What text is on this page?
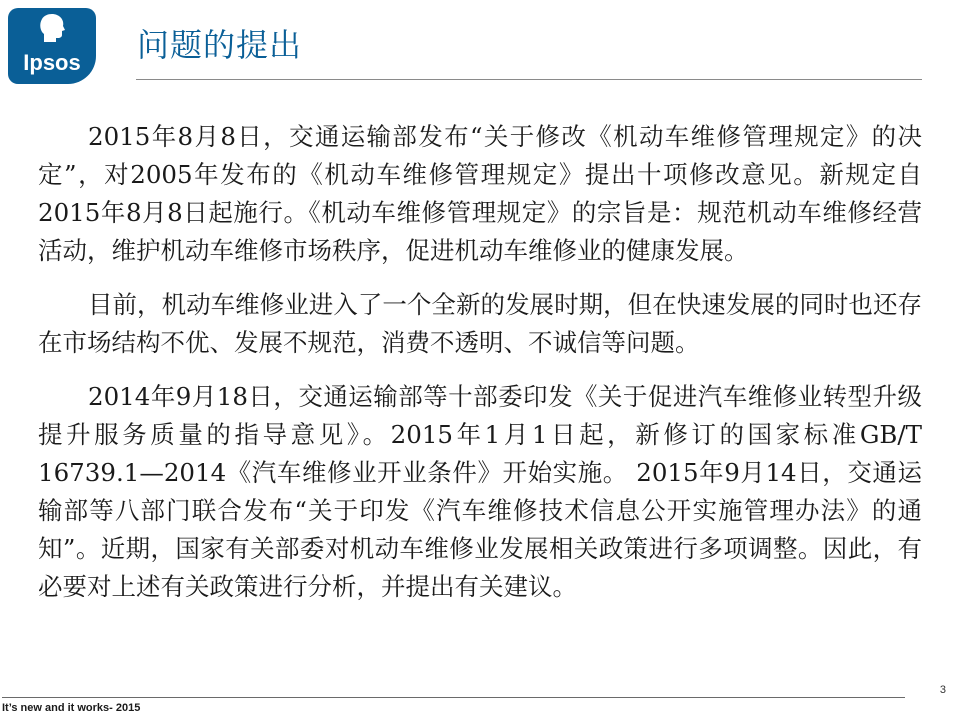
Ipsos	问题的提出

2015年8月8日，交通运输部发布“关于修改《机动车维修管理规定》的决定”，对2005年发布的《机动车维修管理规定》提出十项修改意见。新规定自2015年8月8日起施行。《机动车维修管理规定》的宗旨是：规范机动车维修经营活动，维护机动车维修市场秩序，促进机动车维修业的健康发展。

目前，机动车维修业进入了一个全新的发展时期，但在快速发展的同时也还存在市场结构不优、发展不规范，消费不透明、不诚信等问题。

2014年9月18日，交通运输部等十部委印发《关于促进汽车维修业转型升级 提升服务质量的指导意见》。2015年1月1日起，新修订的国家标准GB/T 16739.1—2014《汽车维修业开业条件》开始实施。 2015年9月14日，交通运输部等八部门联合发布“关于印发《汽车维修技术信息公开实施管理办法》的通知”。近期，国家有关部委对机动车维修业发展相关政策进行多项调整。因此，有必要对上述有关政策进行分析，并提出有关建议。

3
It’s new and it works- 2015
